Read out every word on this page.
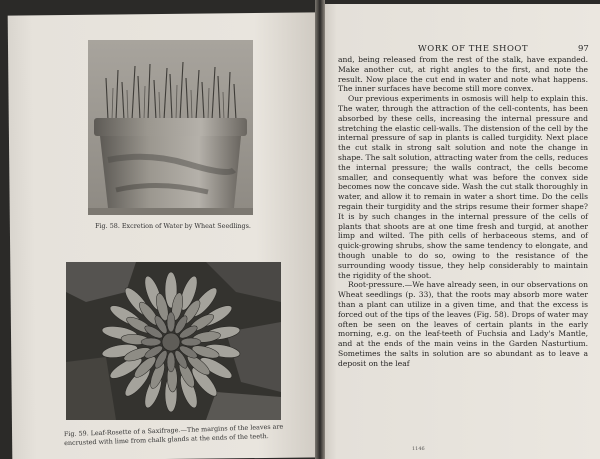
Fig. 58. Excretion of Water by Wheat Seedlings.
Fig. 59. Leaf-Rosette of a Saxifrage.—The margins of the leaves are encrusted with lime from chalk glands at the ends of the teeth.
WORK OF THE SHOOT	97

and, being released from the rest of the stalk, have expanded. Make another cut, at right angles to the first, and note the result. Now place the cut end in water and note what happens. The inner surfaces have become still more convex.

Our previous experiments in osmosis will help to explain this. The water, through the attraction of the cell-contents, has been absorbed by these cells, increasing the internal pressure and stretching the elastic cell-walls. The distension of the cell by the internal pressure of sap in plants is called turgidity. Next place the cut stalk in strong salt solution and note the change in shape. The salt solution, attracting water from the cells, reduces the internal pressure; the walls contract, the cells become smaller, and consequently what was before the convex side becomes now the concave side. Wash the cut stalk thoroughly in water, and allow it to remain in water a short time. Do the cells regain their turgidity and the strips resume their former shape? It is by such changes in the internal pressure of the cells of plants that shoots are at one time fresh and turgid, at another limp and wilted. The pith cells of herbaceous stems, and of quick-growing shrubs, show the same tendency to elongate, and though unable to do so, owing to the resistance of the surrounding woody tissue, they help considerably to maintain the rigidity of the shoot.

Root-pressure.—We have already seen, in our observations on Wheat seedlings (p. 33), that the roots may absorb more water than a plant can utilize in a given time, and that the excess is forced out of the tips of the leaves (Fig. 58). Drops of water may often be seen on the leaves of certain plants in the early morning, e.g. on the leaf-teeth of Fuchsia and Lady's Mantle, and at the ends of the main veins in the Garden Nasturtium. Sometimes the salts in solution are so abundant as to leave a deposit on the leaf

1146
